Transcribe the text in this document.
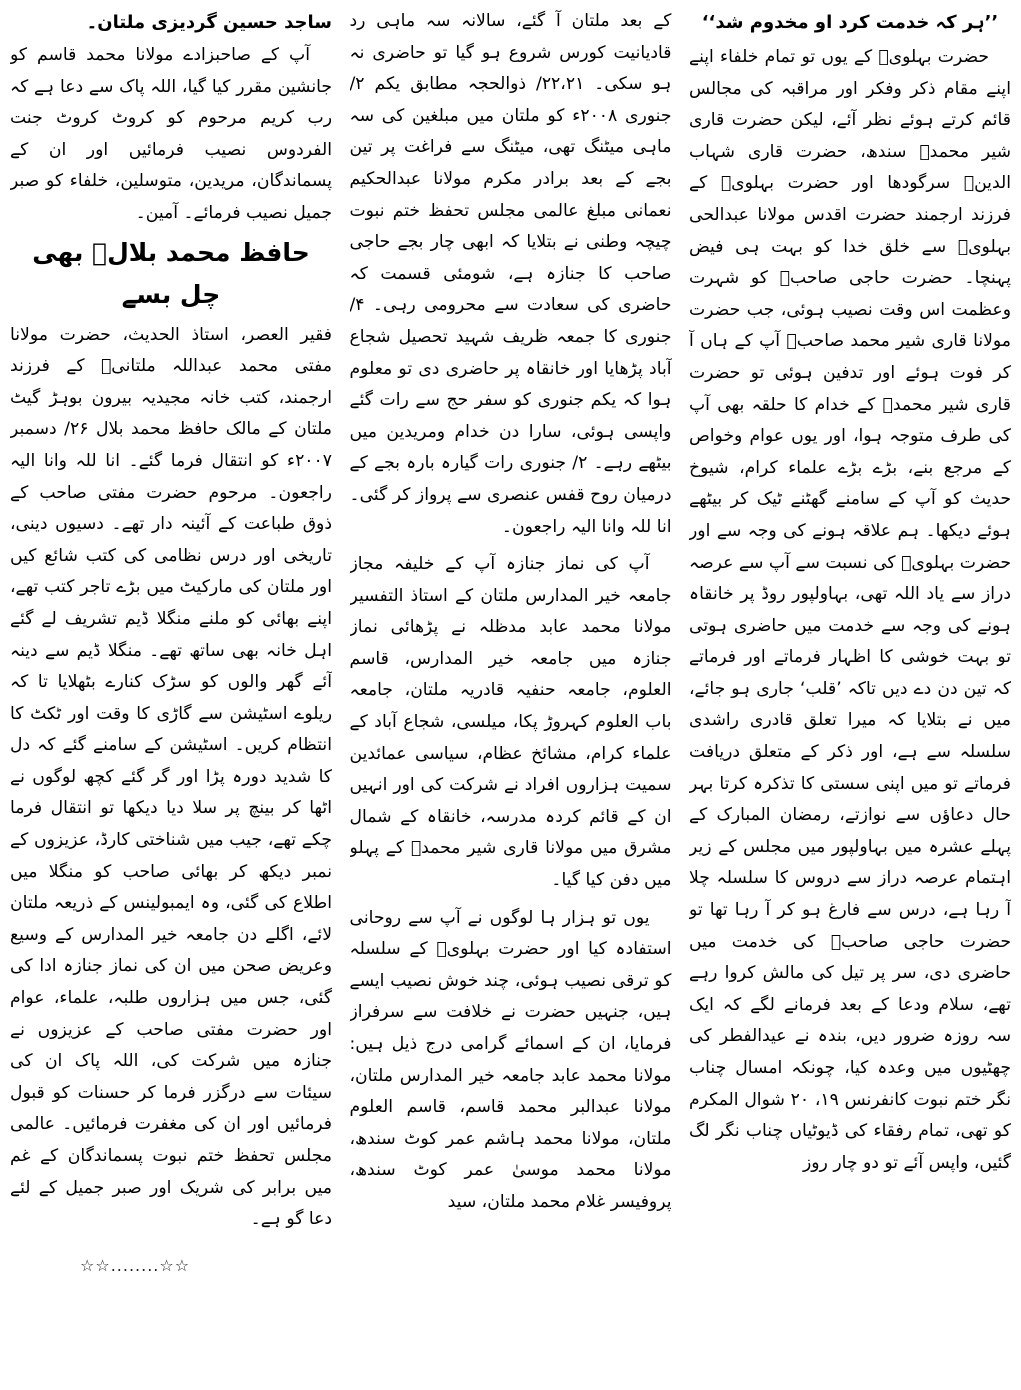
’’ہر کہ خدمت کرد او مخدوم شد‘‘

حضرت بہلویؒ کے یوں تو تمام خلفاء اپنے اپنے مقام ذکر وفکر اور مراقبہ کی مجالس قائم کرتے ہوئے نظر آئے، لیکن حضرت قاری شیر محمدؒ سندھ، حضرت قاری شہاب الدینؒ سرگودھا اور حضرت بہلویؒ کے فرزند ارجمند حضرت اقدس مولانا عبدالحی بہلویؒ سے خلق خدا کو بہت ہی فیض پہنچا۔ حضرت حاجی صاحبؒ کو شہرت وعظمت اس وقت نصیب ہوئی، جب حضرت مولانا قاری شیر محمد صاحبؒ آپ کے ہاں آ کر فوت ہوئے اور تدفین ہوئی تو حضرت قاری شیر محمدؒ کے خدام کا حلقہ بھی آپ کی طرف متوجہ ہوا، اور یوں عوام وخواص کے مرجع بنے، بڑے بڑے علماء کرام، شیوخ حدیث کو آپ کے سامنے گھٹنے ٹیک کر بیٹھے ہوئے دیکھا۔ ہم علاقہ ہونے کی وجہ سے اور حضرت بہلویؒ کی نسبت سے آپ سے عرصہ دراز سے یاد اللہ تھی، بہاولپور روڈ پر خانقاہ ہونے کی وجہ سے خدمت میں حاضری ہوتی تو بہت خوشی کا اظہار فرماتے اور فرماتے کہ تین دن دے دیں تاکہ ’قلب‘ جاری ہو جائے، میں نے بتلایا کہ میرا تعلق قادری راشدی سلسلہ سے ہے، اور ذکر کے متعلق دریافت فرماتے تو میں اپنی سستی کا تذکرہ کرتا بہر حال دعاؤں سے نوازتے، رمضان المبارک کے پہلے عشرہ میں بہاولپور میں مجلس کے زیر اہتمام عرصہ دراز سے دروس کا سلسلہ چلا آ رہا ہے، درس سے فارغ ہو کر آ رہا تھا تو حضرت حاجی صاحبؒ کی خدمت میں حاضری دی، سر پر تیل کی مالش کروا رہے تھے، سلام ودعا کے بعد فرمانے لگے کہ ایک سہ روزہ ضرور دیں، بندہ نے عیدالفطر کی چھٹیوں میں وعدہ کیا، چونکہ امسال چناب نگر ختم نبوت کانفرنس ۱۹، ۲۰ شوال المکرم کو تھی، تمام رفقاء کی ڈیوٹیاں چناب نگر لگ گئیں، واپس آئے تو دو چار روز

کے بعد ملتان آ گئے، سالانہ سہ ماہی رد قادیانیت کورس شروع ہو گیا تو حاضری نہ ہو سکی۔ ۲۲،۲۱/ ذوالحجہ مطابق یکم ۲/ جنوری ۲۰۰۸ء کو ملتان میں مبلغین کی سہ ماہی میٹنگ تھی، میٹنگ سے فراغت پر تین بجے کے بعد برادر مکرم مولانا عبدالحکیم نعمانی مبلغ عالمی مجلس تحفظ ختم نبوت چیچہ وطنی نے بتلایا کہ ابھی چار بجے حاجی صاحب کا جنازہ ہے، شومئی قسمت کہ حاضری کی سعادت سے محرومی رہی۔ ۴/ جنوری کا جمعہ ظریف شہید تحصیل شجاع آباد پڑھایا اور خانقاہ پر حاضری دی تو معلوم ہوا کہ یکم جنوری کو سفر حج سے رات گئے واپسی ہوئی، سارا دن خدام ومریدین میں بیٹھے رہے۔ ۲/ جنوری رات گیارہ بارہ بجے کے درمیان روح قفس عنصری سے پرواز کر گئی۔ انا للہ وانا الیہ راجعون۔

آپ کی نماز جنازہ آپ کے خلیفہ مجاز جامعہ خیر المدارس ملتان کے استاذ التفسیر مولانا محمد عابد مدظلہ نے پڑھائی نماز جنازہ میں جامعہ خیر المدارس، قاسم العلوم، جامعہ حنفیہ قادریہ ملتان، جامعہ باب العلوم کہروڑ پکا، میلسی، شجاع آباد کے علماء کرام، مشائخ عظام، سیاسی عمائدین سمیت ہزاروں افراد نے شرکت کی اور انہیں ان کے قائم کردہ مدرسہ، خانقاہ کے شمال مشرق میں مولانا قاری شیر محمدؒ کے پہلو میں دفن کیا گیا۔

یوں تو ہزار ہا لوگوں نے آپ سے روحانی استفادہ کیا اور حضرت بہلویؒ کے سلسلہ کو ترقی نصیب ہوئی، چند خوش نصیب ایسے ہیں، جنہیں حضرت نے خلافت سے سرفراز فرمایا، ان کے اسمائے گرامی درج ذیل ہیں: مولانا محمد عابد جامعہ خیر المدارس ملتان، مولانا عبدالبر محمد قاسم، قاسم العلوم ملتان، مولانا محمد ہاشم عمر کوٹ سندھ، مولانا محمد موسیٰ عمر کوٹ سندھ، پروفیسر غلام محمد ملتان، سید

ساجد حسین گردیزی ملتان۔

آپ کے صاحبزادے مولانا محمد قاسم کو جانشین مقرر کیا گیا، اللہ پاک سے دعا ہے کہ رب کریم مرحوم کو کروٹ کروٹ جنت الفردوس نصیب فرمائیں اور ان کے پسماندگان، مریدین، متوسلین، خلفاء کو صبر جمیل نصیب فرمائے۔ آمین۔

حافظ محمد بلالؒ بھی چل بسے

فقیر العصر، استاذ الحدیث، حضرت مولانا مفتی محمد عبداللہ ملتانیؒ کے فرزند ارجمند، کتب خانہ مجیدیہ بیرون بوہڑ گیٹ ملتان کے مالک حافظ محمد بلال ۲۶/ دسمبر ۲۰۰۷ء کو انتقال فرما گئے۔ انا للہ وانا الیہ راجعون۔ مرحوم حضرت مفتی صاحب کے ذوق طباعت کے آئینہ دار تھے۔ دسیوں دینی، تاریخی اور درس نظامی کی کتب شائع کیں اور ملتان کی مارکیٹ میں بڑے تاجر کتب تھے، اپنے بھائی کو ملنے منگلا ڈیم تشریف لے گئے اہل خانہ بھی ساتھ تھے۔ منگلا ڈیم سے دینہ آئے گھر والوں کو سڑک کنارے بٹھلایا تا کہ ریلوے اسٹیشن سے گاڑی کا وقت اور ٹکٹ کا انتظام کریں۔ اسٹیشن کے سامنے گئے کہ دل کا شدید دورہ پڑا اور گر گئے کچھ لوگوں نے اٹھا کر بینچ پر سلا دیا دیکھا تو انتقال فرما چکے تھے، جیب میں شناختی کارڈ، عزیزوں کے نمبر دیکھ کر بھائی صاحب کو منگلا میں اطلاع کی گئی، وہ ایمبولینس کے ذریعہ ملتان لائے، اگلے دن جامعہ خیر المدارس کے وسیع وعریض صحن میں ان کی نماز جنازہ ادا کی گئی، جس میں ہزاروں طلبہ، علماء، عوام اور حضرت مفتی صاحب کے عزیزوں نے جنازہ میں شرکت کی، اللہ پاک ان کی سیئات سے درگزر فرما کر حسنات کو قبول فرمائیں اور ان کی مغفرت فرمائیں۔ عالمی مجلس تحفظ ختم نبوت پسماندگان کے غم میں برابر کی شریک اور صبر جمیل کے لئے دعا گو ہے۔

☆☆........☆☆
